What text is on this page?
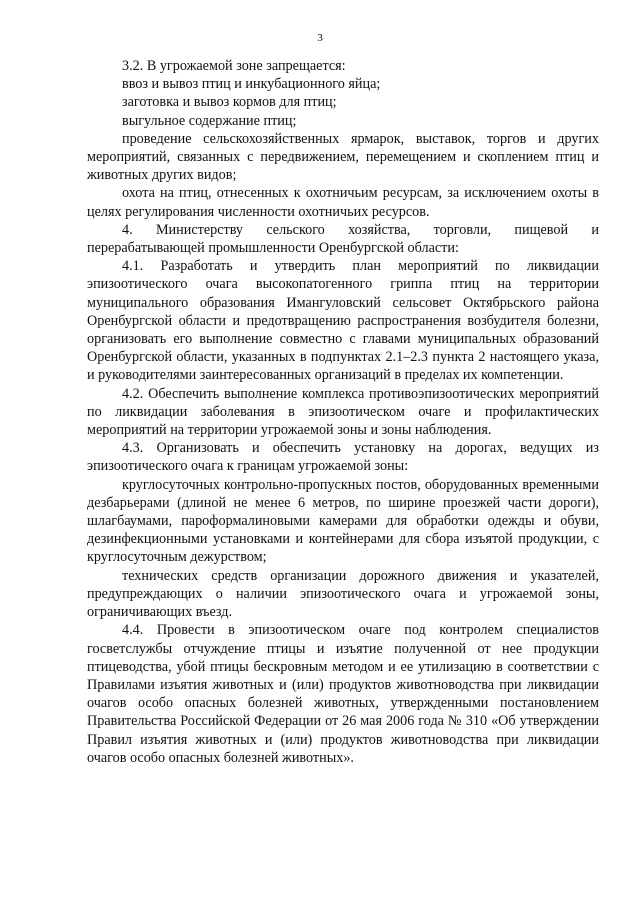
3

3.2. В угрожаемой зоне запрещается:

ввоз и вывоз птиц и инкубационного яйца;

заготовка и вывоз кормов для птиц;

выгульное содержание птиц;

проведение сельскохозяйственных ярмарок, выставок, торгов и других мероприятий, связанных с передвижением, перемещением и скоплением птиц и животных других видов;

охота на птиц, отнесенных к охотничьим ресурсам, за исключением охоты в целях регулирования численности охотничьих ресурсов.

4. Министерству сельского хозяйства, торговли, пищевой и перерабатывающей промышленности Оренбургской области:

4.1. Разработать и утвердить план мероприятий по ликвидации эпизоотического очага высокопатогенного гриппа птиц на территории муниципального образования Имангуловский сельсовет Октябрьского района Оренбургской области и предотвращению распространения возбудителя болезни, организовать его выполнение совместно с главами муниципальных образований Оренбургской области, указанных в подпунктах 2.1–2.3 пункта 2 настоящего указа, и руководителями заинтересованных организаций в пределах их компетенции.

4.2. Обеспечить выполнение комплекса противоэпизоотических мероприятий по ликвидации заболевания в эпизоотическом очаге и профилактических мероприятий на территории угрожаемой зоны и зоны наблюдения.

4.3. Организовать и обеспечить установку на дорогах, ведущих из эпизоотического очага к границам угрожаемой зоны:

круглосуточных контрольно-пропускных постов, оборудованных временными дезбарьерами (длиной не менее 6 метров, по ширине проезжей части дороги), шлагбаумами, пароформалиновыми камерами для обработки одежды и обуви, дезинфекционными установками и контейнерами для сбора изъятой продукции, с круглосуточным дежурством;

технических средств организации дорожного движения и указателей, предупреждающих о наличии эпизоотического очага и угрожаемой зоны, ограничивающих въезд.

4.4. Провести в эпизоотическом очаге под контролем специалистов госветслужбы отчуждение птицы и изъятие полученной от нее продукции птицеводства, убой птицы бескровным методом и ее утилизацию в соответствии с Правилами изъятия животных и (или) продуктов животноводства при ликвидации очагов особо опасных болезней животных, утвержденными постановлением Правительства Российской Федерации от 26 мая 2006 года № 310 «Об утверждении Правил изъятия животных и (или) продуктов животноводства при ликвидации очагов особо опасных болезней животных».
